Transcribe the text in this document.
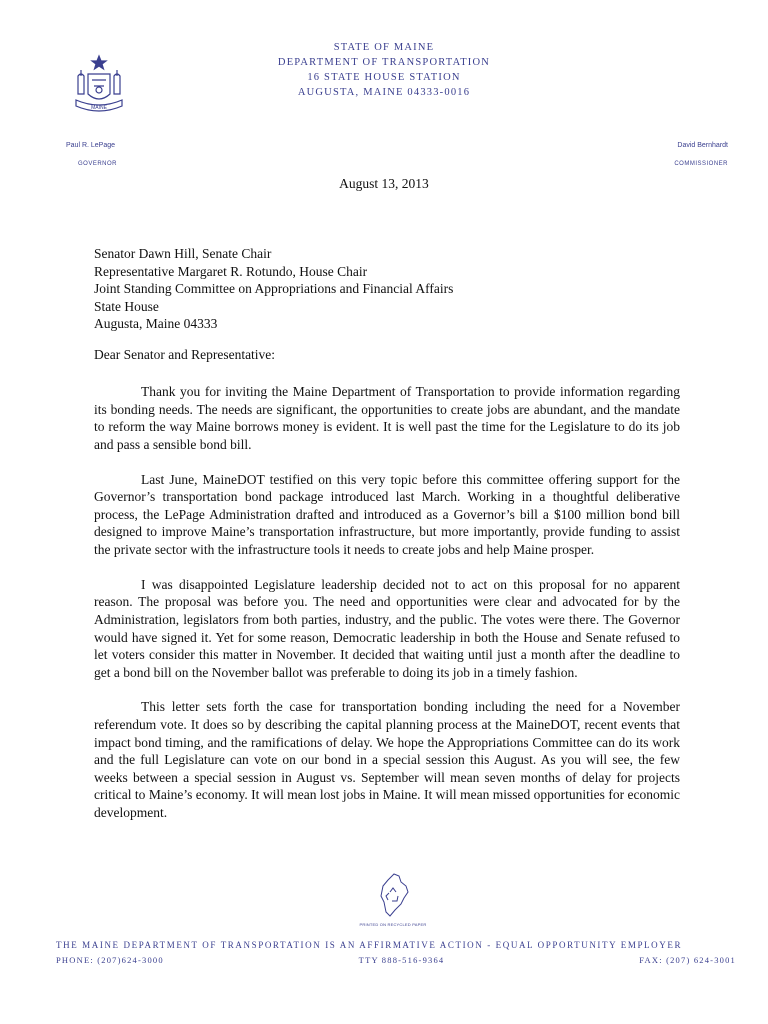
STATE OF MAINE
DEPARTMENT OF TRANSPORTATION
16 STATE HOUSE STATION
AUGUSTA, MAINE 04333-0016
MAINE
Paul R. LePage
GOVERNOR
David Bernhardt
COMMISSIONER
August 13, 2013
Senator Dawn Hill, Senate Chair
Representative Margaret R. Rotundo, House Chair
Joint Standing Committee on Appropriations and Financial Affairs
State House
Augusta, Maine 04333
Dear Senator and Representative:

Thank you for inviting the Maine Department of Transportation to provide information regarding its bonding needs. The needs are significant, the opportunities to create jobs are abundant, and the mandate to reform the way Maine borrows money is evident. It is well past the time for the Legislature to do its job and pass a sensible bond bill.

Last June, MaineDOT testified on this very topic before this committee offering support for the Governor’s transportation bond package introduced last March. Working in a thoughtful deliberative process, the LePage Administration drafted and introduced as a Governor’s bill a $100 million bond bill designed to improve Maine’s transportation infrastructure, but more importantly, provide funding to assist the private sector with the infrastructure tools it needs to create jobs and help Maine prosper.

I was disappointed Legislature leadership decided not to act on this proposal for no apparent reason. The proposal was before you. The need and opportunities were clear and advocated for by the Administration, legislators from both parties, industry, and the public. The votes were there. The Governor would have signed it. Yet for some reason, Democratic leadership in both the House and Senate refused to let voters consider this matter in November. It decided that waiting until just a month after the deadline to get a bond bill on the November ballot was preferable to doing its job in a timely fashion.

This letter sets forth the case for transportation bonding including the need for a November referendum vote. It does so by describing the capital planning process at the MaineDOT, recent events that impact bond timing, and the ramifications of delay. We hope the Appropriations Committee can do its work and the full Legislature can vote on our bond in a special session this August. As you will see, the few weeks between a special session in August vs. September will mean seven months of delay for projects critical to Maine’s economy. It will mean lost jobs in Maine. It will mean missed opportunities for economic development.

PRINTED ON RECYCLED PAPER
THE MAINE DEPARTMENT OF TRANSPORTATION IS AN AFFIRMATIVE ACTION - EQUAL OPPORTUNITY EMPLOYER
PHONE: (207)624-3000	TTY 888-516-9364	FAX: (207) 624-3001
